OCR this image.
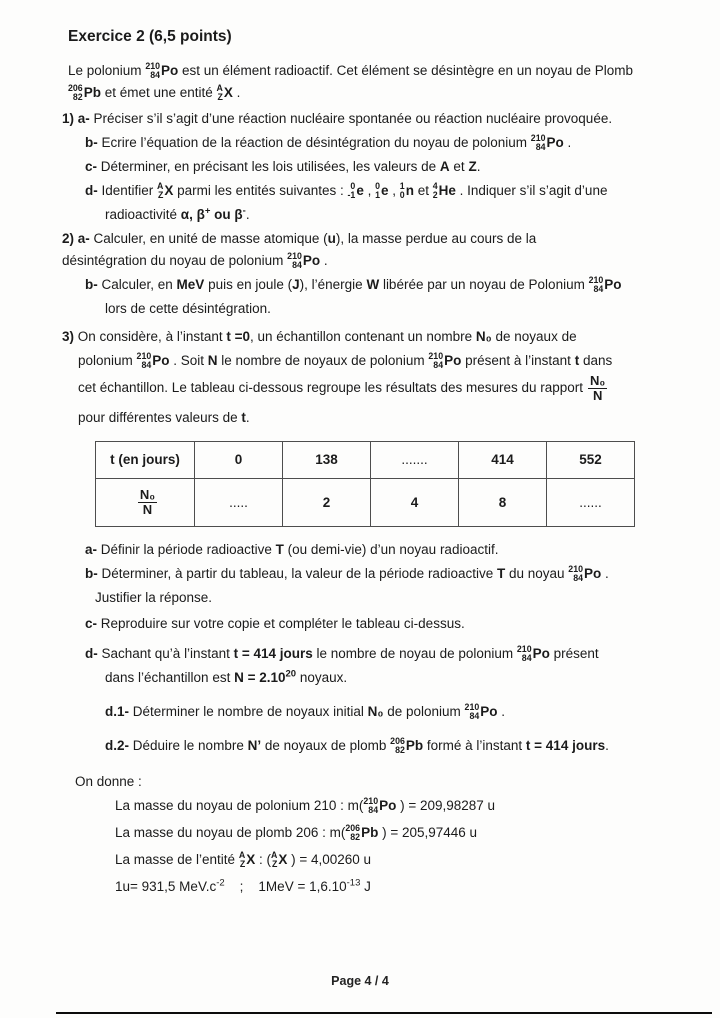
Exercice 2 (6,5 points)
Le polonium 210
84 Po est un élément radioactif. Cet élément se désintègre en un noyau de Plomb

206
82 Pb et émet une entité A
Z X .
1) a- Préciser s’il s’agit d’une réaction nucléaire spontanée ou réaction nucléaire provoquée.
b- Ecrire l’équation de la réaction de désintégration du noyau de polonium 210
84 Po .
c- Déterminer, en précisant les lois utilisées, les valeurs de A et Z.
d- Identifier A
Z X parmi les entités suivantes : 0
-1 e , 0
1 e , 1
0 n et 4
2 He . Indiquer s’il s’agit d’une
radioactivité α, β+ ou β-.
2) a- Calculer, en unité de masse atomique (u), la masse perdue au cours de la
désintégration du noyau de polonium 210
84 Po .
b- Calculer, en MeV puis en joule (J), l’énergie W libérée par un noyau de Polonium 210
84 Po
lors de cette désintégration.
3) On considère, à l’instant t =0, un échantillon contenant un nombre N₀ de noyaux de
polonium 210
84 Po . Soit N le nombre de noyaux de polonium 210
84 Po présent à l’instant t dans
cet échantillon. Le tableau ci-dessous regroupe les résultats des mesures du rapport $\frac{\text{N₀}}{N}$
pour différentes valeurs de t.
t (en jours)	0	138	.......	414	552

$\frac{\text{N₀}}{N}$	.....	2	4	8	......
a- Définir la période radioactive T (ou demi-vie) d’un noyau radioactif.
b- Déterminer, à partir du tableau, la valeur de la période radioactive T du noyau 210
84 Po .
Justifier la réponse.
c- Reproduire sur votre copie et compléter le tableau ci-dessus.
d- Sachant qu’à l’instant t = 414 jours le nombre de noyau de polonium 210
84 Po présent
dans l’échantillon est $N = 2.10^{20}$ noyaux.
d.1- Déterminer le nombre de noyaux initial N₀ de polonium 210
84 Po .
d.2- Déduire le nombre N’ de noyaux de plomb 206
82 Pb formé à l’instant t = 414 jours.
On donne :
La masse du noyau de polonium 210 : m( 210
84 Po ) = 209,98287 u
La masse du noyau de plomb 206 : m( 206
82 Pb ) = 205,97446 u
La masse de l’entité A
Z X : ( A
Z X ) = 4,00260 u
1u= 931,5 $MeV.c^{-2}$    ;    $1MeV = 1,6.10^{-13}$ J
Page 4 / 4
